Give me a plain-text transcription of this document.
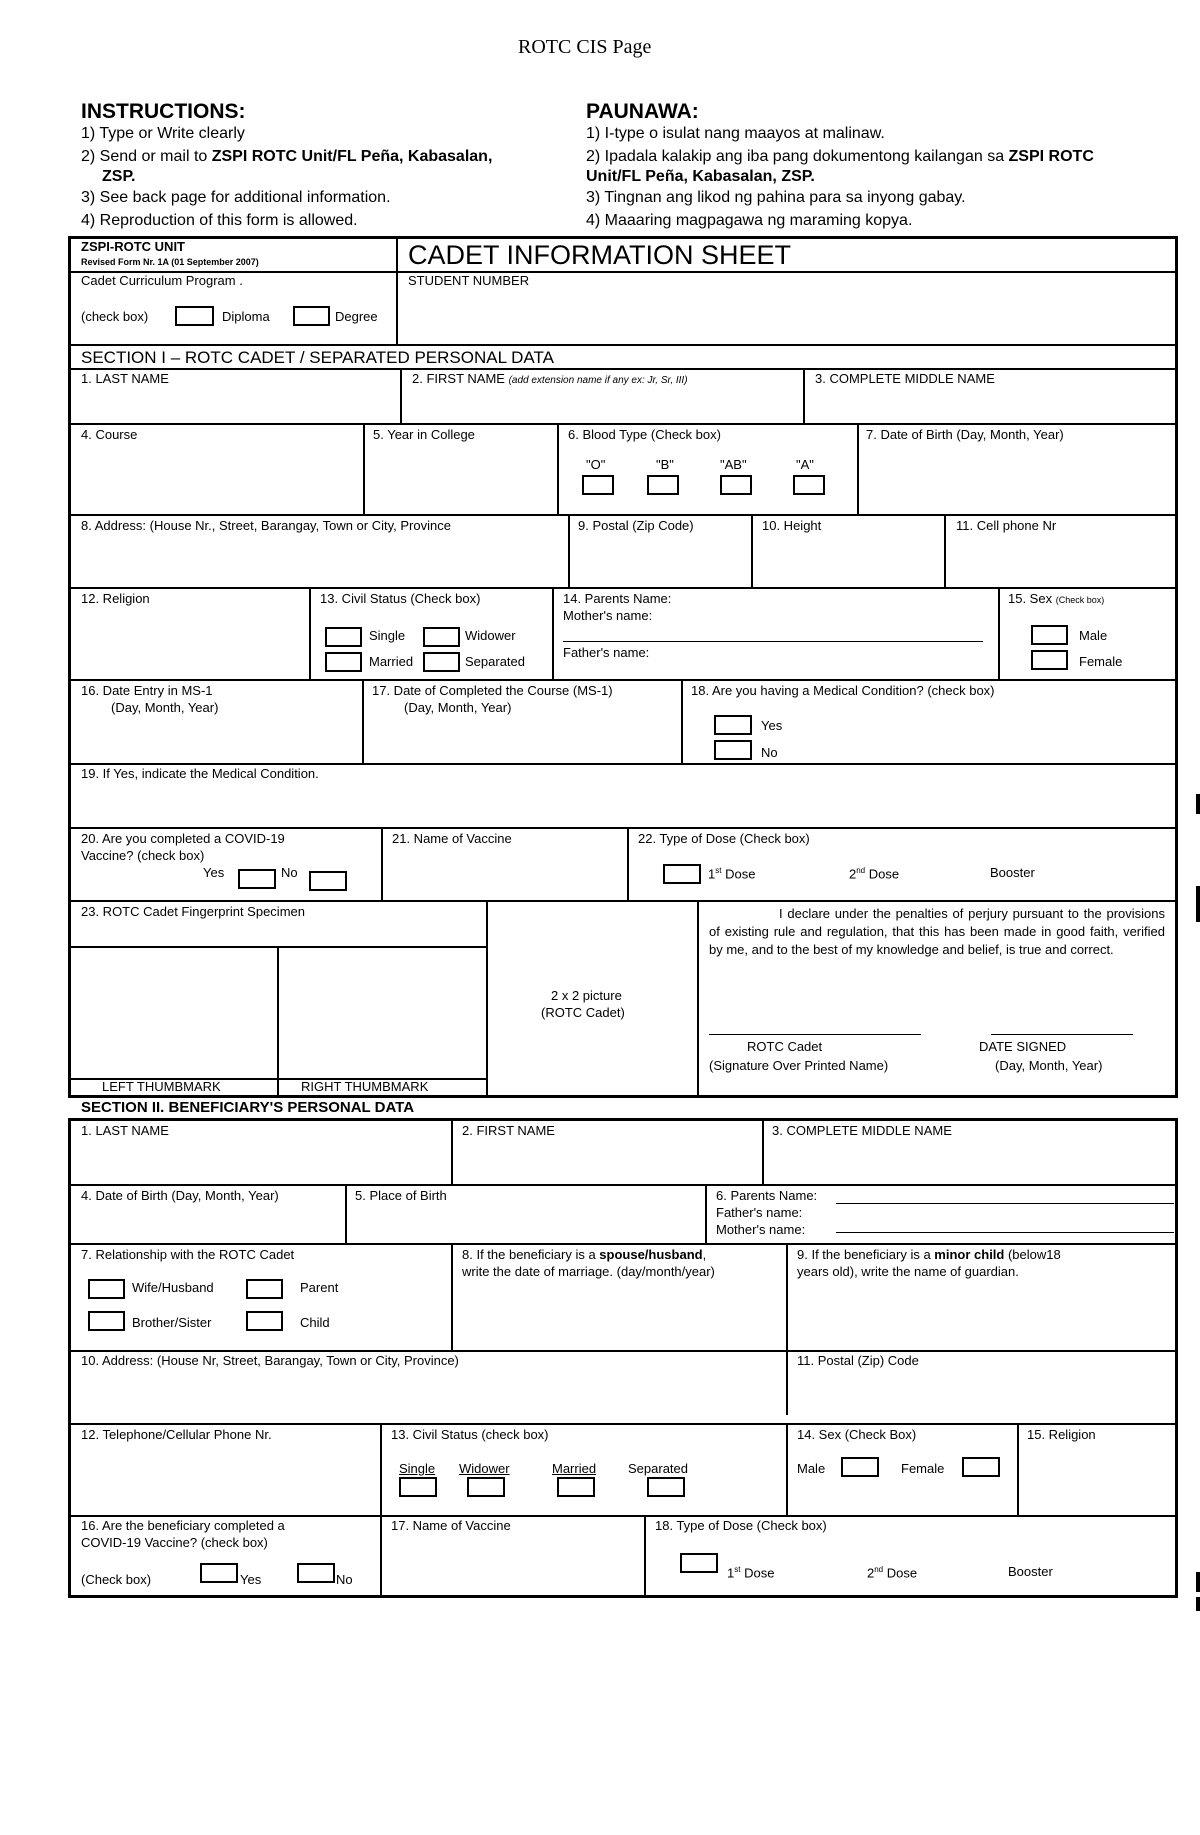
ROTC CIS Page
INSTRUCTIONS:
1) Type or Write clearly
2) Send or mail to ZSPI ROTC Unit/FL Peña, Kabasalan,
ZSP.
3) See back page for additional information.
4) Reproduction of this form is allowed.
PAUNAWA:
1) I-type o isulat nang maayos at malinaw.
2) Ipadala kalakip ang iba pang dokumentong kailangan sa ZSPI ROTC
Unit/FL Peña, Kabasalan, ZSP.
3) Tingnan ang likod ng pahina para sa inyong gabay.
4) Maaaring magpagawa ng maraming kopya.
ZSPI-ROTC UNIT
Revised Form Nr. 1A (01 September 2007)	CADET INFORMATION SHEET
Cadet Curriculum Program .
(check box)	Diploma	Degree
STUDENT NUMBER
SECTION I – ROTC CADET / SEPARATED PERSONAL DATA
1. LAST NAME	2. FIRST NAME (add extension name if any ex: Jr, Sr, III)	3. COMPLETE MIDDLE NAME
4. Course	5. Year in College	6. Blood Type (Check box)
"O"	"B"	"AB"	"A"
7. Date of Birth (Day, Month, Year)
8. Address: (House Nr., Street, Barangay, Town or City, Province	9. Postal (Zip Code)	10. Height	11. Cell phone Nr
12. Religion	13. Civil Status (Check box)
Single	Widower
Married	Separated
14. Parents Name:
Mother's name:
Father's name:
15. Sex (Check box)
Male
Female
16. Date Entry in MS-1
(Day, Month, Year)
17. Date of Completed the Course (MS-1)
(Day, Month, Year)
18. Are you having a Medical Condition? (check box)
Yes
No
19. If Yes, indicate the Medical Condition.
20. Are you completed a COVID-19
Vaccine? (check box)
Yes	No
21. Name of Vaccine	22. Type of Dose (Check box)
1st Dose	2nd Dose	Booster
23. ROTC Cadet Fingerprint Specimen
LEFT THUMBMARK	RIGHT THUMBMARK
2 x 2 picture
(ROTC Cadet)
I declare under the penalties of perjury pursuant to the provisions of existing rule and regulation, that this has been made in good faith, verified by me, and to the best of my knowledge and belief, is true and correct.
ROTC Cadet
(Signature Over Printed Name)
DATE SIGNED
(Day, Month, Year)
SECTION II. BENEFICIARY'S PERSONAL DATA
1. LAST NAME	2. FIRST NAME	3. COMPLETE MIDDLE NAME
4. Date of Birth (Day, Month, Year)	5. Place of Birth	6. Parents Name:
Father's name:
Mother's name:
7. Relationship with the ROTC Cadet
Wife/Husband	Parent
Brother/Sister	Child
8. If the beneficiary is a spouse/husband,
write the date of marriage. (day/month/year)
9. If the beneficiary is a minor child (below18
years old), write the name of guardian.
10. Address: (House Nr, Street, Barangay, Town or City, Province)	11. Postal (Zip) Code
12. Telephone/Cellular Phone Nr.	13. Civil Status (check box)
Single Widower	Married Separated
14. Sex (Check Box)
Male	Female
15. Religion
16. Are the beneficiary completed a
COVID-19 Vaccine? (check box)
(Check box)	Yes	No
17. Name of Vaccine	18. Type of Dose (Check box)
1st Dose	2nd Dose	Booster
